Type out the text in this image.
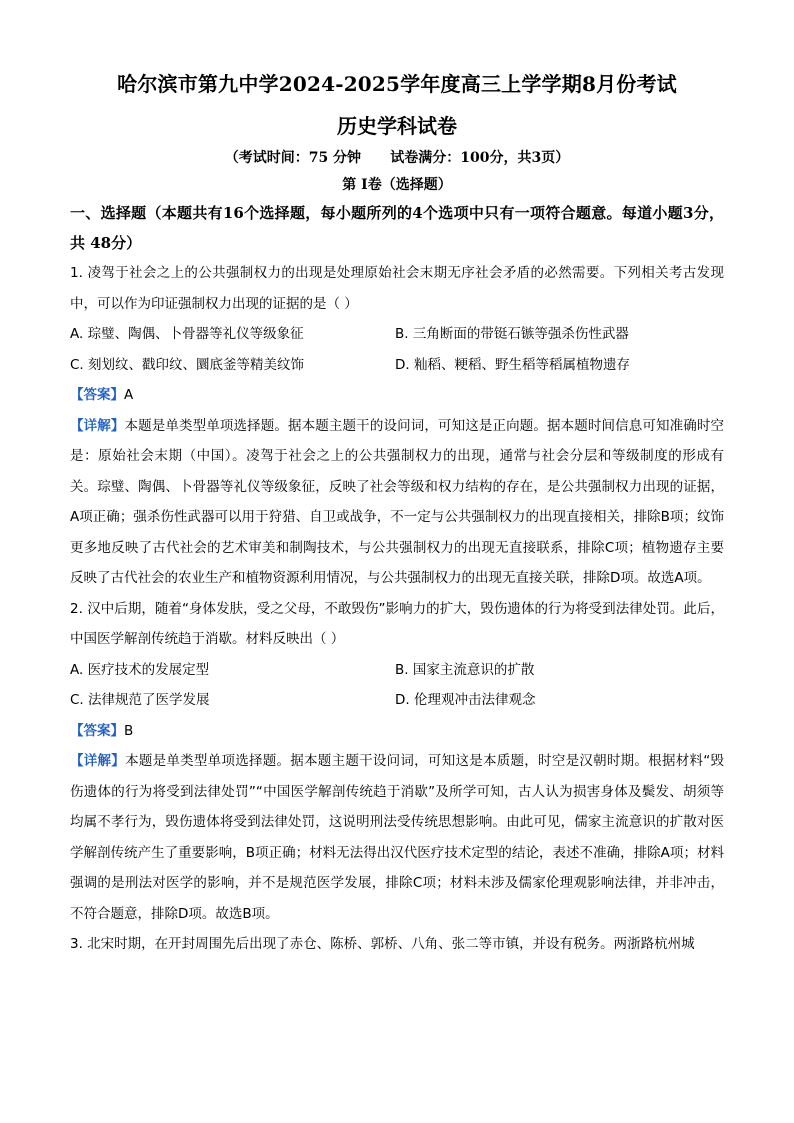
哈尔滨市第九中学2024-2025学年度高三上学学期8月份考试
历史学科试卷
（考试时间：75 分钟      试卷满分：100分，共3页）
第 Ⅰ卷（选择题）
一、选择题（本题共有16个选择题，每小题所列的4个选项中只有一项符合题意。每道小题3分，共 48分）
1. 凌驾于社会之上的公共强制权力的出现是处理原始社会末期无序社会矛盾的必然需要。下列相关考古发现中，可以作为印证强制权力出现的证据的是（ ）
A. 琮璧、陶偶、卜骨器等礼仪等级象征	B. 三角断面的带铤石镞等强杀伤性武器
C. 刻划纹、戳印纹、圜底釜等精美纹饰	D. 籼稻、粳稻、野生稻等稻属植物遗存
【答案】A
【详解】本题是单类型单项选择题。据本题主题干的设问词，可知这是正向题。据本题时间信息可知准确时空是：原始社会末期（中国）。凌驾于社会之上的公共强制权力的出现，通常与社会分层和等级制度的形成有关。琮璧、陶偶、卜骨器等礼仪等级象征，反映了社会等级和权力结构的存在，是公共强制权力出现的证据，A项正确；强杀伤性武器可以用于狩猎、自卫或战争，不一定与公共强制权力的出现直接相关，排除B项；纹饰更多地反映了古代社会的艺术审美和制陶技术，与公共强制权力的出现无直接联系，排除C项；植物遗存主要反映了古代社会的农业生产和植物资源利用情况，与公共强制权力的出现无直接关联，排除D项。故选A项。
2. 汉中后期，随着“身体发肤，受之父母，不敢毁伤”影响力的扩大，毁伤遗体的行为将受到法律处罚。此后，中国医学解剖传统趋于消歇。材料反映出（ ）
A. 医疗技术的发展定型	B. 国家主流意识的扩散
C. 法律规范了医学发展	D. 伦理观冲击法律观念
【答案】B
【详解】本题是单类型单项选择题。据本题主题干设问词，可知这是本质题，时空是汉朝时期。根据材料“毁伤遗体的行为将受到法律处罚”“中国医学解剖传统趋于消歇”及所学可知，古人认为损害身体及鬓发、胡须等均属不孝行为，毁伤遗体将受到法律处罚，这说明刑法受传统思想影响。由此可见，儒家主流意识的扩散对医学解剖传统产生了重要影响，B项正确；材料无法得出汉代医疗技术定型的结论，表述不准确，排除A项；材料强调的是刑法对医学的影响，并不是规范医学发展，排除C项；材料未涉及儒家伦理观影响法律，并非冲击，不符合题意，排除D项。故选B项。
3. 北宋时期，在开封周围先后出现了赤仓、陈桥、郭桥、八角、张二等市镇，并设有税务。两浙路杭州城
